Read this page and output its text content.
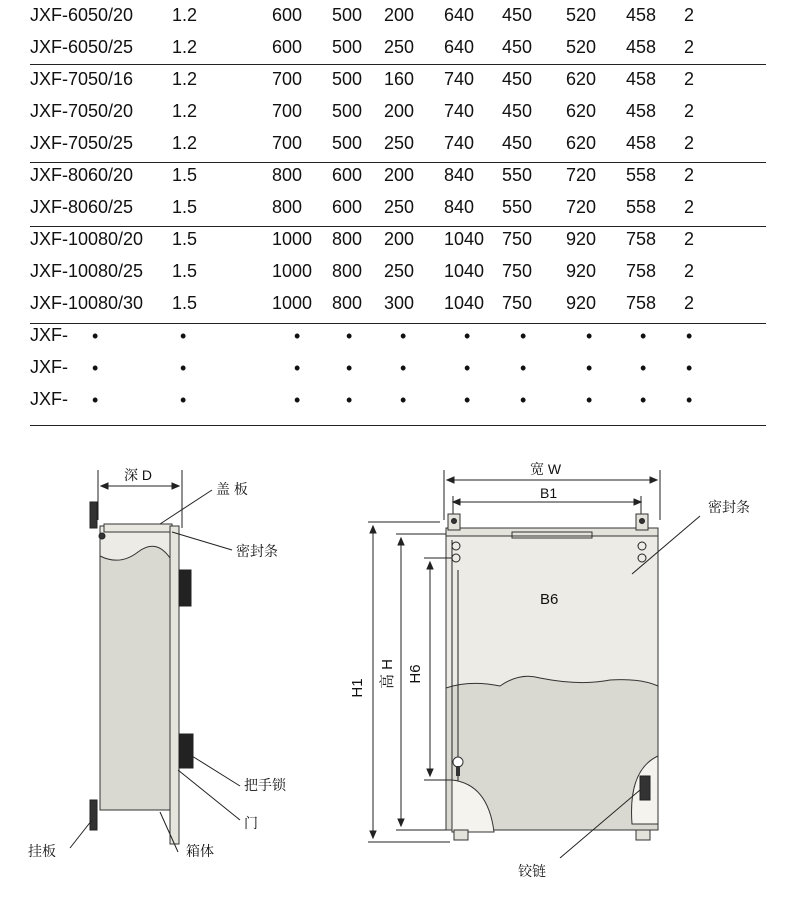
JXF-6050/20 1.2	600 500 200 640 450 520 458 2
JXF-6050/25 1.2	600 500 250 640 450 520 458 2
JXF-7050/16 1.2	700 500 160 740 450 620 458 2
JXF-7050/20 1.2	700 500 200 740 450 620 458 2
JXF-7050/25 1.2	700 500 250 740 450 620 458 2
JXF-8060/20 1.5	800 600 200 840 550 720 558 2
JXF-8060/25 1.5	800 600 250 840 550 720 558 2
JXF-10080/20 1.5	1000 800 200 1040 750 920 758 2
JXF-10080/25 1.5	1000 800 250 1040 750 920 758 2
JXF-10080/30 1.5	1000 800 300 1040 750 920 758 2
JXF- •	•	•	•	•	•	•	•	• •
JXF- •	•	•	•	•	•	•	•	• •
JXF- •	•	•	•	•	•	•	•	• •
深 D
盖 板
密封条
把手锁
门
箱体
挂板
宽 W
B1
B6
密封条
H1 高 H H6
铰链
